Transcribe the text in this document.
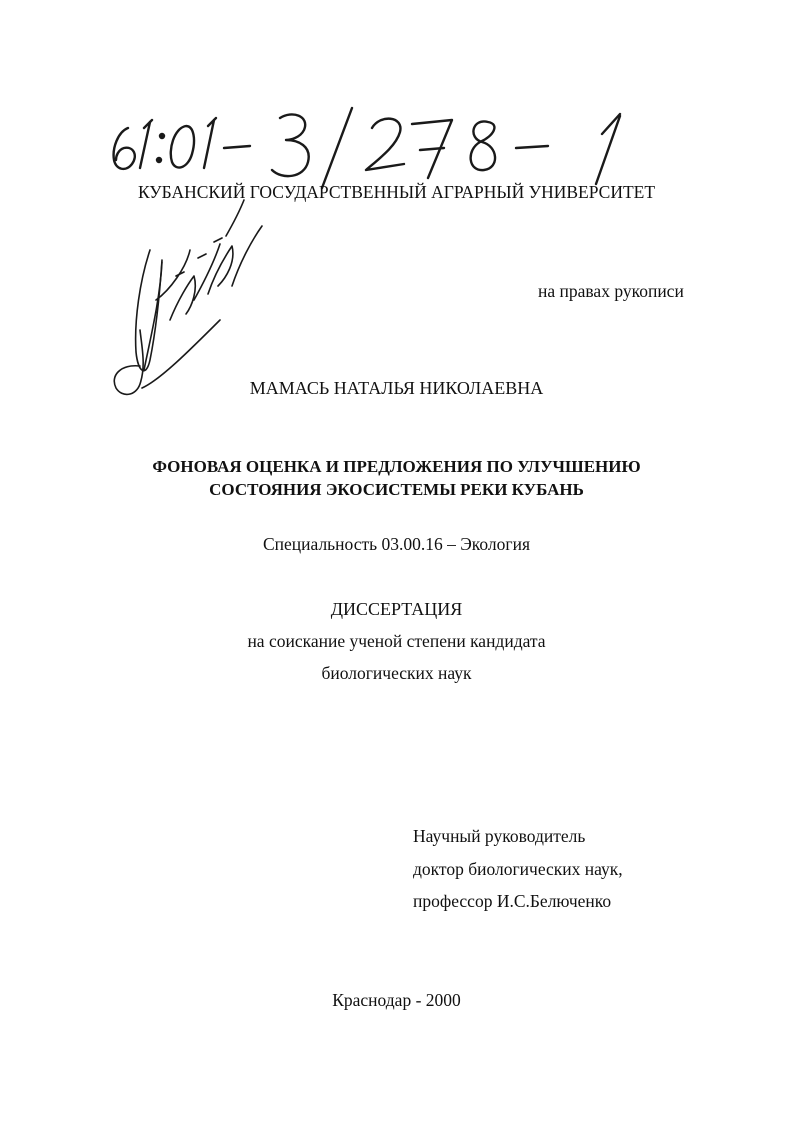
КУБАНСКИЙ ГОСУДАРСТВЕННЫЙ АГРАРНЫЙ УНИВЕРСИТЕТ
на правах рукописи
МАМАСЬ НАТАЛЬЯ НИКОЛАЕВНА
ФОНОВАЯ ОЦЕНКА И ПРЕДЛОЖЕНИЯ ПО УЛУЧШЕНИЮ
СОСТОЯНИЯ ЭКОСИСТЕМЫ РЕКИ КУБАНЬ
Специальность 03.00.16 – Экология
ДИССЕРТАЦИЯ
на соискание ученой степени кандидата
биологических наук
Научный руководитель
доктор биологических наук,
профессор И.С.Белюченко
Краснодар - 2000
